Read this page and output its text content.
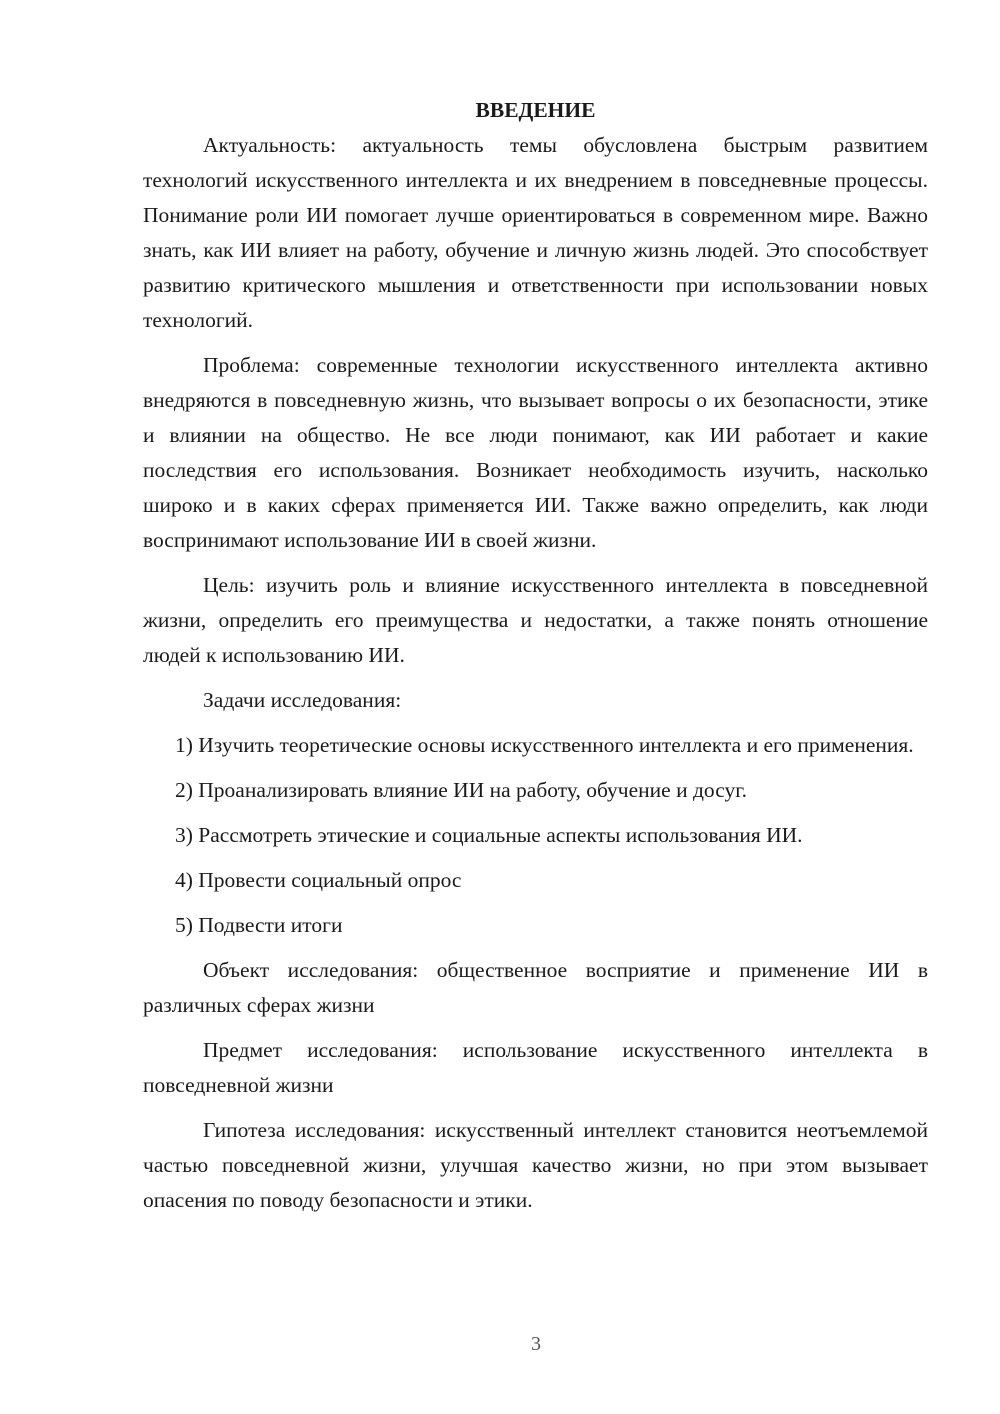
ВВЕДЕНИЕ

Актуальность: актуальность темы обусловлена быстрым развитием технологий искусственного интеллекта и их внедрением в повседневные процессы. Понимание роли ИИ помогает лучше ориентироваться в современном мире. Важно знать, как ИИ влияет на работу, обучение и личную жизнь людей. Это способствует развитию критического мышления и ответственности при использовании новых технологий.

Проблема: современные технологии искусственного интеллекта активно внедряются в повседневную жизнь, что вызывает вопросы о их безопасности, этике и влиянии на общество. Не все люди понимают, как ИИ работает и какие последствия его использования. Возникает необходимость изучить, насколько широко и в каких сферах применяется ИИ. Также важно определить, как люди воспринимают использование ИИ в своей жизни.

Цель: изучить роль и влияние искусственного интеллекта в повседневной жизни, определить его преимущества и недостатки, а также понять отношение людей к использованию ИИ.

Задачи исследования:

1) Изучить теоретические основы искусственного интеллекта и его применения.

2) Проанализировать влияние ИИ на работу, обучение и досуг.

3) Рассмотреть этические и социальные аспекты использования ИИ.

4) Провести социальный опрос

5) Подвести итоги

Объект исследования: общественное восприятие и применение ИИ в различных сферах жизни

Предмет исследования: использование искусственного интеллекта в повседневной жизни

Гипотеза исследования: искусственный интеллект становится неотъемлемой частью повседневной жизни, улучшая качество жизни, но при этом вызывает опасения по поводу безопасности и этики.

3
